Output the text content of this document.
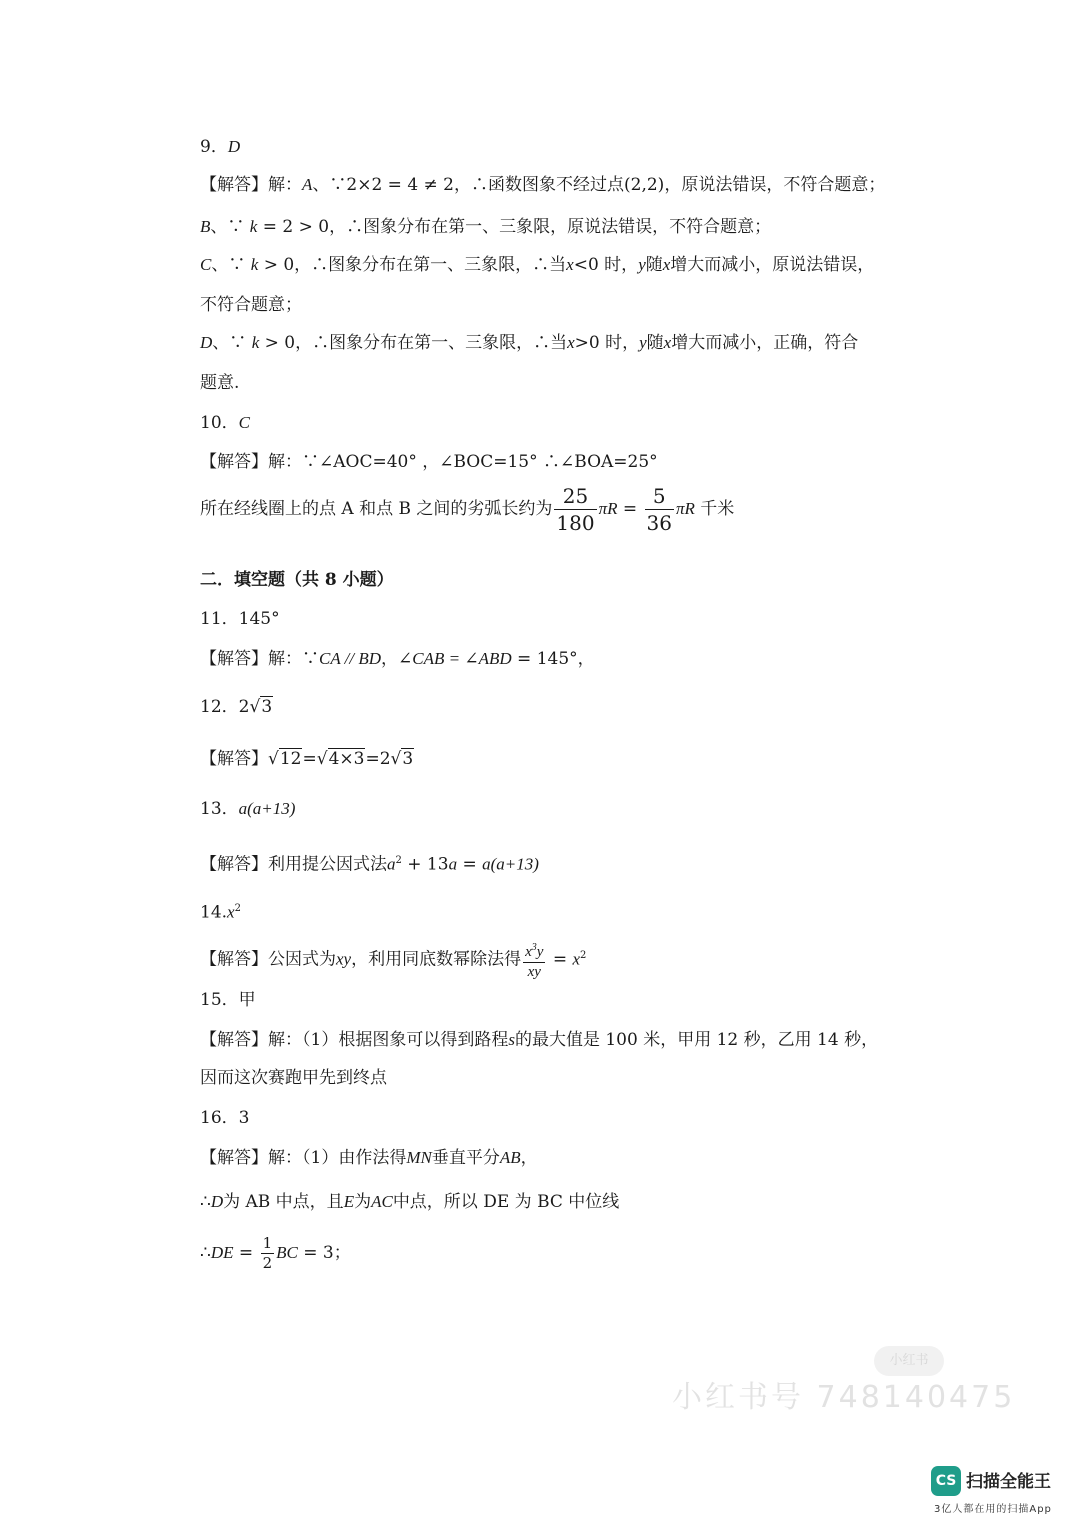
9．D
【解答】解：A、∵2×2 = 4 ≠ 2，∴函数图象不经过点(2,2)，原说法错误，不符合题意；
B、∵ k = 2 > 0，∴图象分布在第一、三象限，原说法错误，不符合题意；
C、∵ k > 0，∴图象分布在第一、三象限，∴当x<0 时，y随x增大而减小，原说法错误，
不符合题意；
D、∵ k > 0，∴图象分布在第一、三象限，∴当x>0 时，y随x增大而减小，正确，符合
题意.
10．C
【解答】解：∵∠AOC=40° ，∠BOC=15° ∴∠BOA=25°
所在经线圈上的点 A 和点 B 之间的劣弧长约为 $\frac{25}{180}$ $\pi R = \frac{5}{36}$ πR 千米
二．填空题（共 8 小题）
11．145°
【解答】解：∵CA // BD，∠CAB = ∠ABD = 145°，
12．2√3
【解答】√12=√4×3=2√3
13．a(a+13)
【解答】利用提公因式法$a^2 + 13a = a(a+13)$
$14.x^2$
【解答】公因式为xy，利用同底数幂除法得 $\frac{x^3y}{xy} = x^2$
15．甲
【解答】解：（1）根据图象可以得到路程s的最大值是 100 米，甲用 12 秒，乙用 14 秒，
因而这次赛跑甲先到终点
16．3
【解答】解：（1）由作法得MN垂直平分AB，
∴D为 AB 中点，且E为AC中点，所以 DE 为 BC 中位线
∴DE = $\frac{1}{2}$ BC = 3；
小红书
小红书号 748140475
CS 扫描全能王
3亿人都在用的扫描App
